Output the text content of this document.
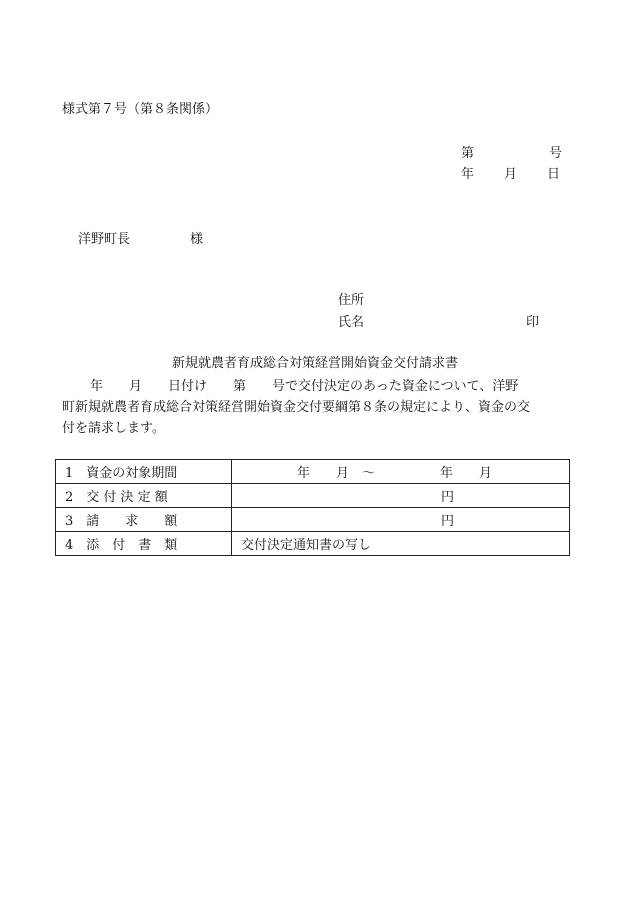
様式第７号（第８条関係）
第	号
年 月 日
洋野町長	様
住所
氏名	印
新規就農者育成総合対策経営開始資金交付請求書
年　　月　　日付け　　第　　号で交付決定のあった資金について、洋野
町新規就農者育成総合対策経営開始資金交付要綱第８条の規定により、資金の交
付を請求します。
1　資金の対象期間	年　　月　～　　　　　年　　月
2　交 付 決 定 額	円
3　請　　求　　額	円
4　添　付　書　類	交付決定通知書の写し
